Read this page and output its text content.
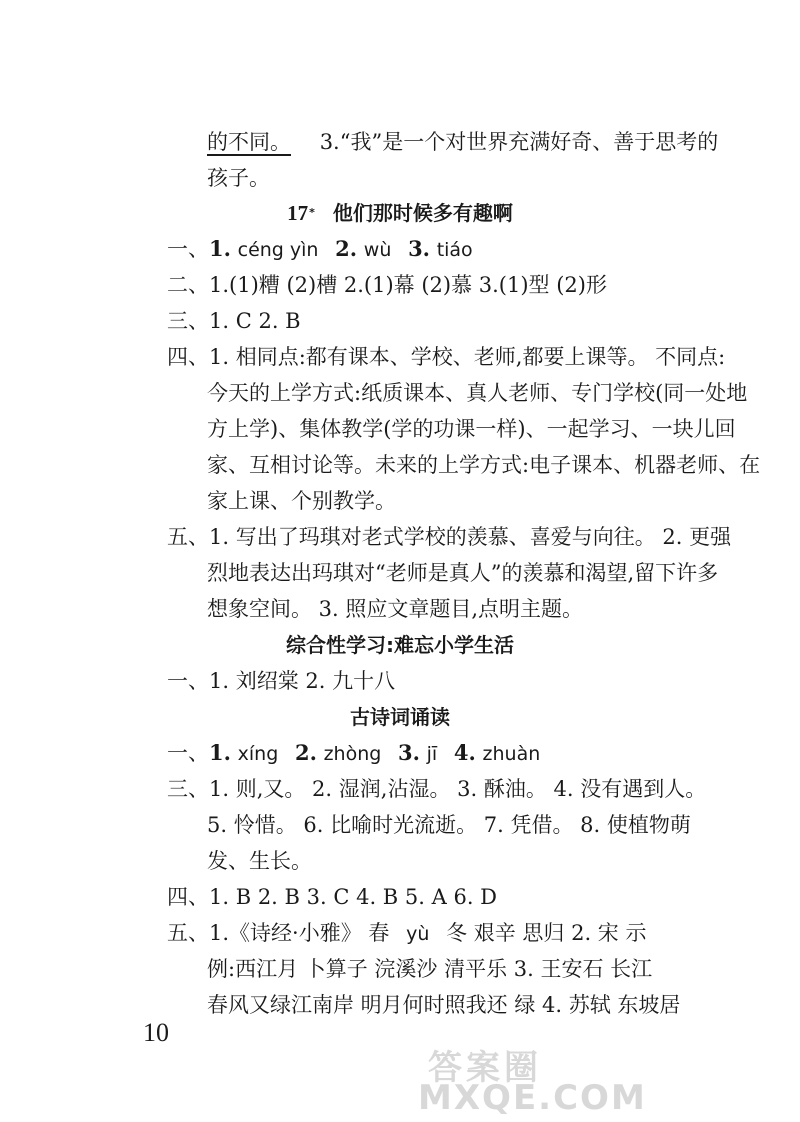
的不同。 3.“我”是一个对世界充满好奇、善于思考的
孩子。
17* 他们那时候多有趣啊
一、1. céng yìn 2. wù 3. tiáo
二、1.(1)糟 (2)槽 2.(1)幕 (2)慕 3.(1)型 (2)形
三、1. C 2. B
四、1. 相同点:都有课本、学校、老师,都要上课等。 不同点:
今天的上学方式:纸质课本、真人老师、专门学校(同一处地
方上学)、集体教学(学的功课一样)、一起学习、一块儿回
家、互相讨论等。未来的上学方式:电子课本、机器老师、在
家上课、个别教学。
五、1. 写出了玛琪对老式学校的羡慕、喜爱与向往。 2. 更强
烈地表达出玛琪对“老师是真人”的羡慕和渴望,留下许多
想象空间。 3. 照应文章题目,点明主题。
综合性学习:难忘小学生活
一、1. 刘绍棠 2. 九十八
古诗词诵读
一、1. xíng 2. zhòng 3. jī 4. zhuàn
三、1. 则,又。 2. 湿润,沾湿。 3. 酥油。 4. 没有遇到人。
5. 怜惜。 6. 比喻时光流逝。 7. 凭借。 8. 使植物萌
发、生长。
四、1. B 2. B 3. C 4. B 5. A 6. D
五、1.《诗经·小雅》 春 yù 冬 艰辛 思归 2. 宋 示
例:西江月 卜算子 浣溪沙 清平乐 3. 王安石 长江
春风又绿江南岸 明月何时照我还 绿 4. 苏轼 东坡居
10
答案圈
MXQE.COM
